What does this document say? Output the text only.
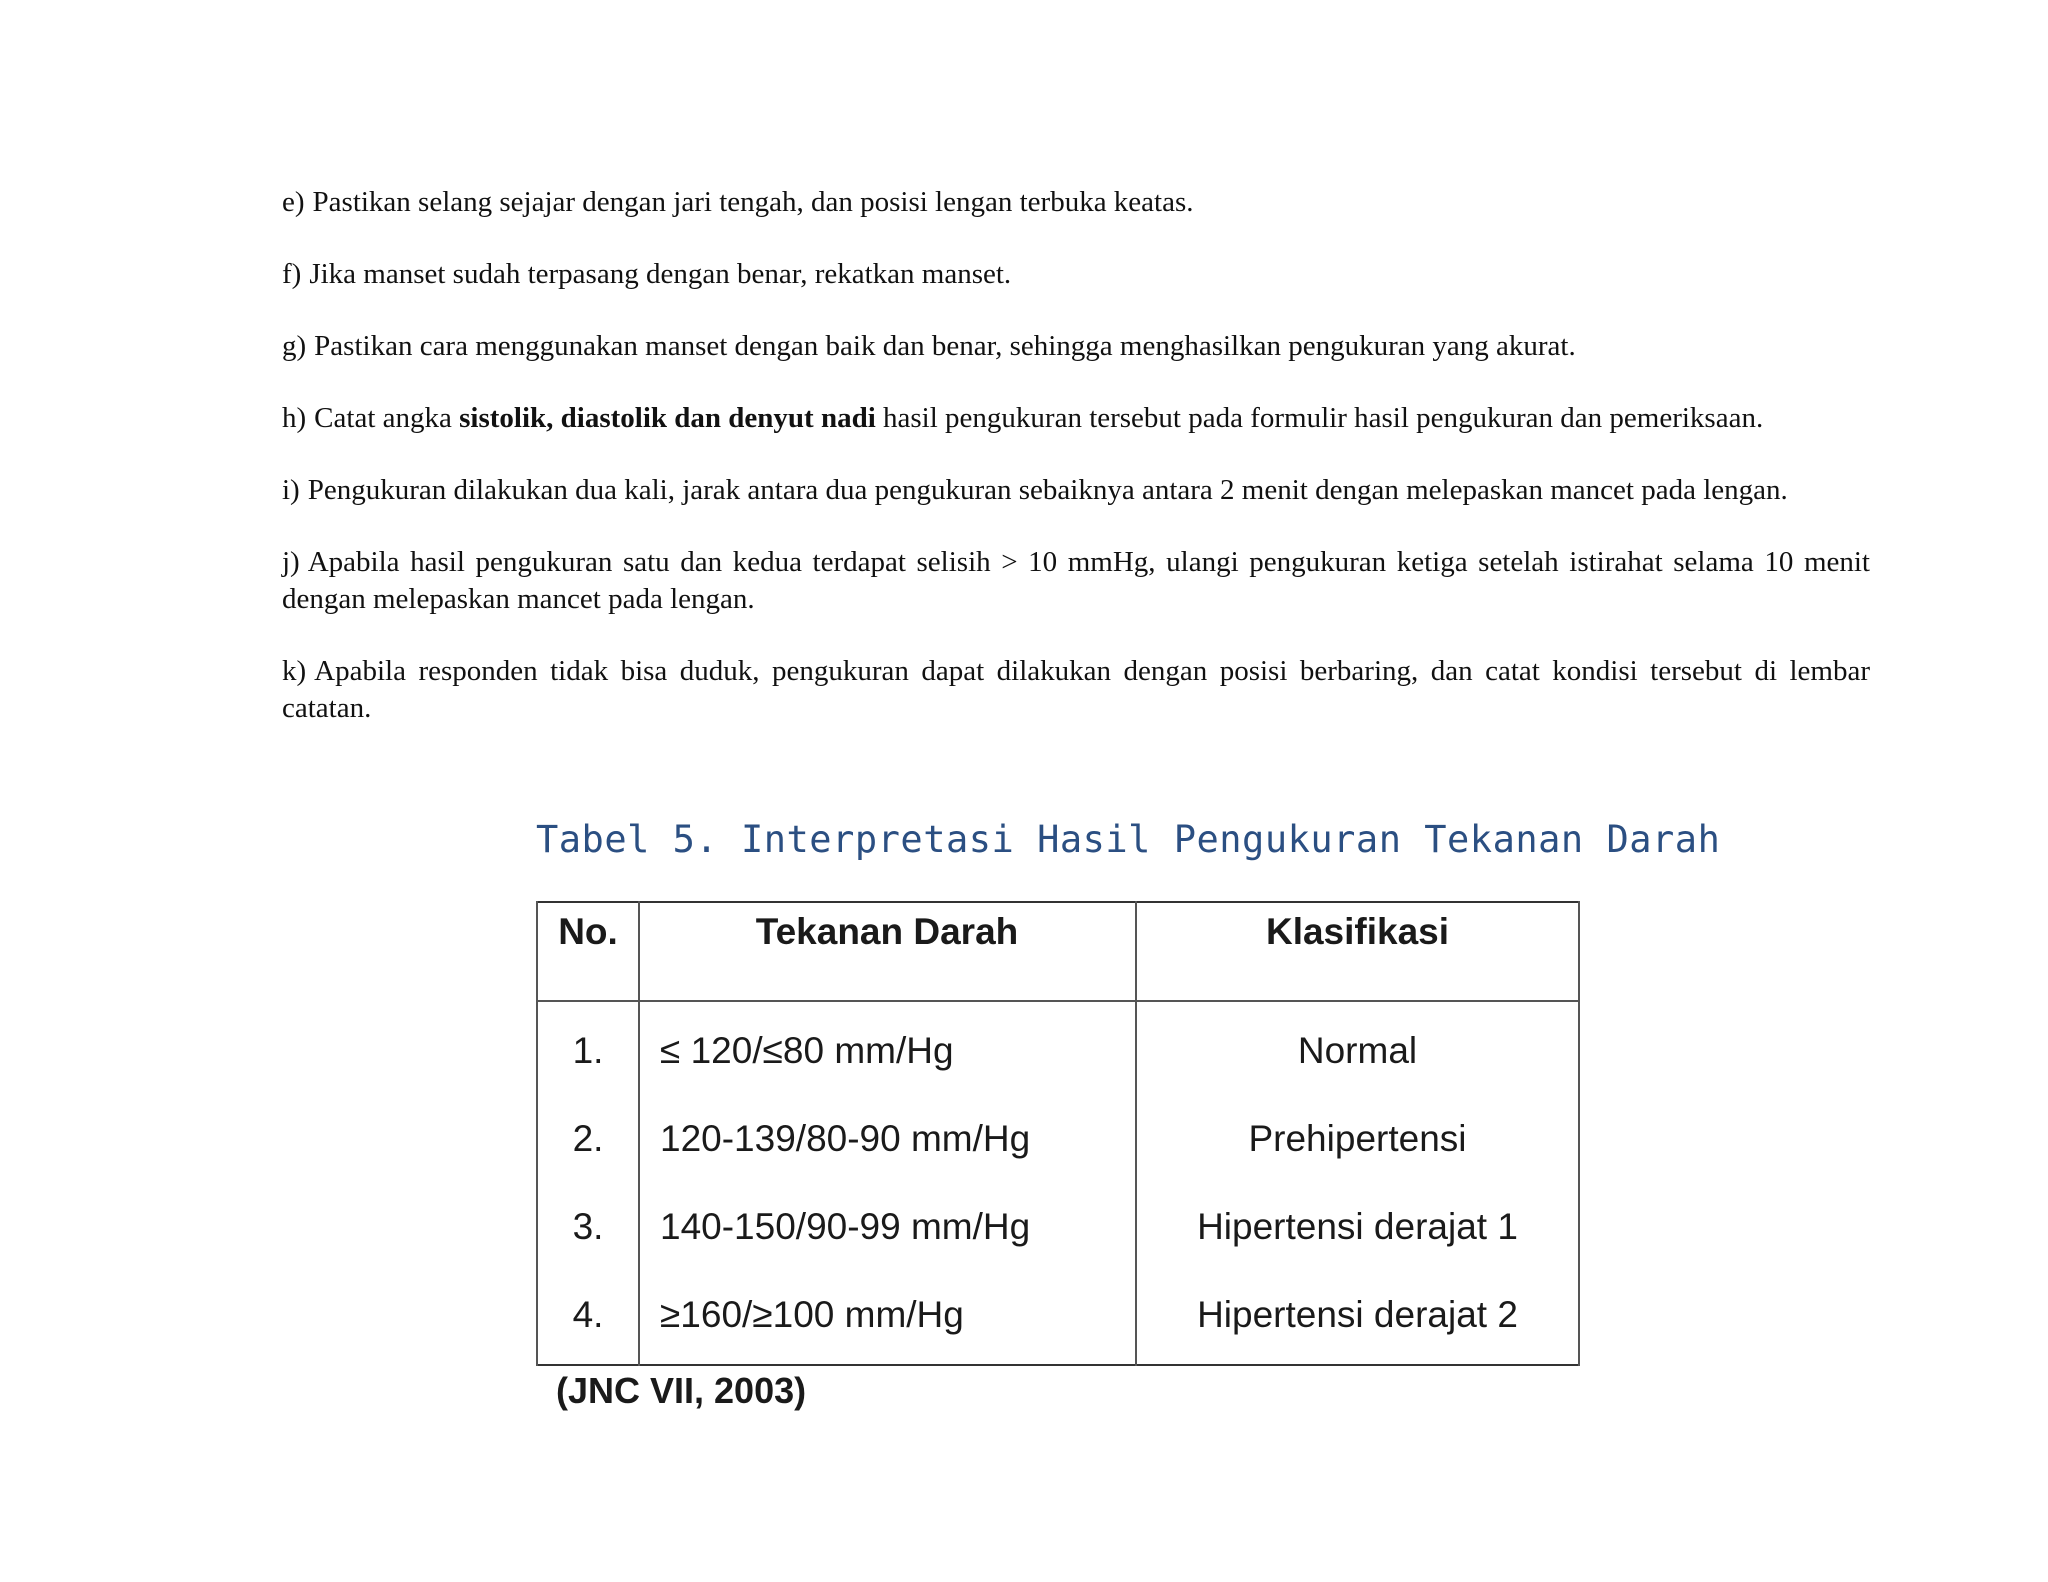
e) Pastikan selang sejajar dengan jari tengah, dan posisi lengan terbuka keatas.

f) Jika manset sudah terpasang dengan benar, rekatkan manset.

g) Pastikan cara menggunakan manset dengan baik dan benar, sehingga menghasilkan pengukuran yang akurat.

h) Catat angka sistolik, diastolik dan denyut nadi hasil pengukuran tersebut pada formulir hasil pengukuran dan pemeriksaan.

i) Pengukuran dilakukan dua kali, jarak antara dua pengukuran sebaiknya antara 2 menit dengan melepaskan mancet pada lengan.

j) Apabila hasil pengukuran satu dan kedua terdapat selisih > 10 mmHg, ulangi pengukuran ketiga setelah istirahat selama 10 menit dengan melepaskan mancet pada lengan.

k) Apabila responden tidak bisa duduk, pengukuran dapat dilakukan dengan posisi berbaring, dan catat kondisi tersebut di lembar catatan.

Tabel 5. Interpretasi Hasil Pengukuran Tekanan Darah
No.	Tekanan Darah	Klasifikasi
1.	≤ 120/≤80 mm/Hg	Normal
2.	120-139/80-90 mm/Hg	Prehipertensi
3.	140-150/90-99 mm/Hg	Hipertensi derajat 1
4.	≥160/≥100 mm/Hg	Hipertensi derajat 2
(JNC VII, 2003)
